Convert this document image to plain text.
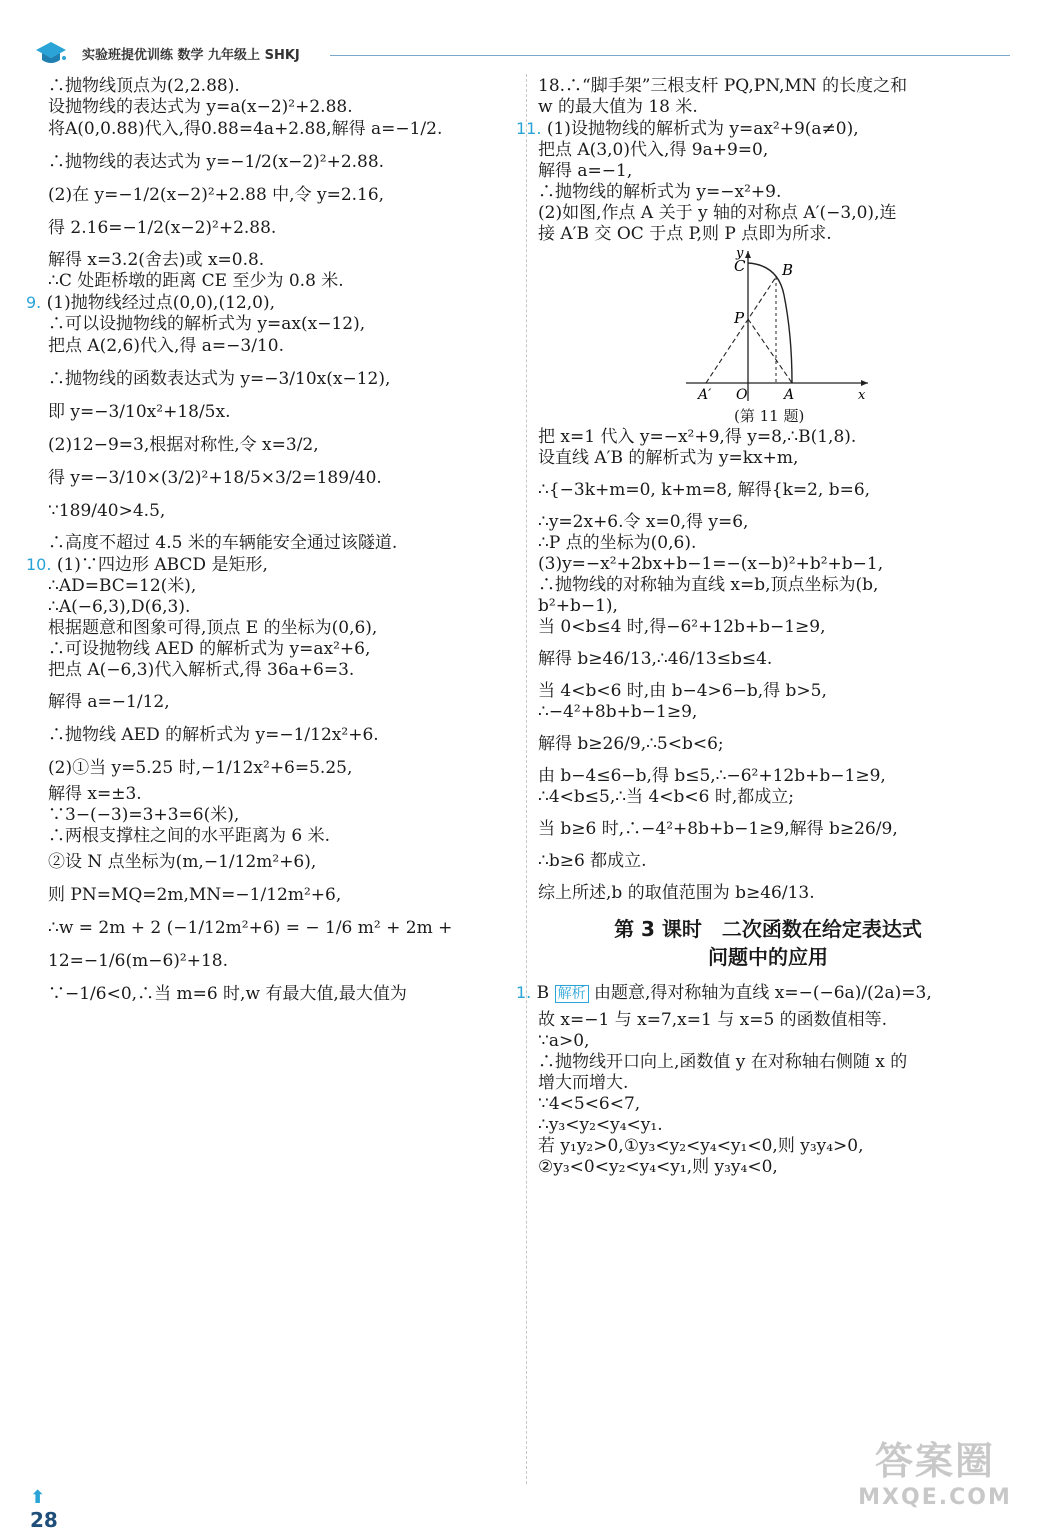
实验班提优训练 数学 九年级上 SHKJ
∴抛物线顶点为(2,2.88).
设抛物线的表达式为 y=a(x−2)²+2.88.
将A(0,0.88)代入,得0.88=4a+2.88,解得 a=−1/2.
∴抛物线的表达式为 y=−1/2(x−2)²+2.88.
(2)在 y=−1/2(x−2)²+2.88 中,令 y=2.16,
得 2.16=−1/2(x−2)²+2.88.
解得 x=3.2(舍去)或 x=0.8.
∴C 处距桥墩的距离 CE 至少为 0.8 米.
9. (1)抛物线经过点(0,0),(12,0),
∴可以设抛物线的解析式为 y=ax(x−12),
把点 A(2,6)代入,得 a=−3/10.
∴抛物线的函数表达式为 y=−3/10x(x−12),
即 y=−3/10x²+18/5x.
(2)12−9=3,根据对称性,令 x=3/2,
得 y=−3/10×(3/2)²+18/5×3/2=189/40.
∵189/40>4.5,
∴高度不超过 4.5 米的车辆能安全通过该隧道.
10. (1)∵四边形 ABCD 是矩形,
∴AD=BC=12(米),
∴A(−6,3),D(6,3).
根据题意和图象可得,顶点 E 的坐标为(0,6),
∴可设抛物线 AED 的解析式为 y=ax²+6,
把点 A(−6,3)代入解析式,得 36a+6=3.
解得 a=−1/12,
∴抛物线 AED 的解析式为 y=−1/12x²+6.
(2)①当 y=5.25 时,−1/12x²+6=5.25,
解得 x=±3.
∵3−(−3)=3+3=6(米),
∴两根支撑柱之间的水平距离为 6 米.
②设 N 点坐标为(m,−1/12m²+6),
则 PN=MQ=2m,MN=−1/12m²+6,
∴w = 2m + 2 (−1/12m²+6) = − 1/6 m² + 2m +
12=−1/6(m−6)²+18.
∵−1/6<0,∴当 m=6 时,w 有最大值,最大值为
18.∴“脚手架”三根支杆 PQ,PN,MN 的长度之和
w 的最大值为 18 米.
11. (1)设抛物线的解析式为 y=ax²+9(a≠0),
把点 A(3,0)代入,得 9a+9=0,
解得 a=−1,
∴抛物线的解析式为 y=−x²+9.
(2)如图,作点 A 关于 y 轴的对称点 A′(−3,0),连
接 A′B 交 OC 于点 P,则 P 点即为所求.
y
x
C B
P
A′ O	A
(第 11 题)
把 x=1 代入 y=−x²+9,得 y=8,∴B(1,8).
设直线 A′B 的解析式为 y=kx+m,
∴{−3k+m=0, k+m=8, 解得{k=2, b=6,
∴y=2x+6.令 x=0,得 y=6,
∴P 点的坐标为(0,6).
(3)y=−x²+2bx+b−1=−(x−b)²+b²+b−1,
∴抛物线的对称轴为直线 x=b,顶点坐标为(b,
b²+b−1),
当 0<b≤4 时,得−6²+12b+b−1≥9,
解得 b≥46/13,∴46/13≤b≤4.
当 4<b<6 时,由 b−4>6−b,得 b>5,
∴−4²+8b+b−1≥9,
解得 b≥26/9,∴5<b<6;
由 b−4≤6−b,得 b≤5,∴−6²+12b+b−1≥9,
∴4<b≤5,∴当 4<b<6 时,都成立;
当 b≥6 时,∴−4²+8b+b−1≥9,解得 b≥26/9,
∴b≥6 都成立.
综上所述,b 的取值范围为 b≥46/13.
第 3 课时　二次函数在给定表达式
问题中的应用
1. B 解析 由题意,得对称轴为直线 x=−(−6a)/(2a)=3,
故 x=−1 与 x=7,x=1 与 x=5 的函数值相等.
∵a>0,
∴抛物线开口向上,函数值 y 在对称轴右侧随 x 的
增大而增大.
∵4<5<6<7,
∴y₃<y₂<y₄<y₁.
若 y₁y₂>0,①y₃<y₂<y₄<y₁<0,则 y₃y₄>0,
②y₃<0<y₂<y₄<y₁,则 y₃y₄<0,
⬆ 28
答案圈
MXQE.COM
